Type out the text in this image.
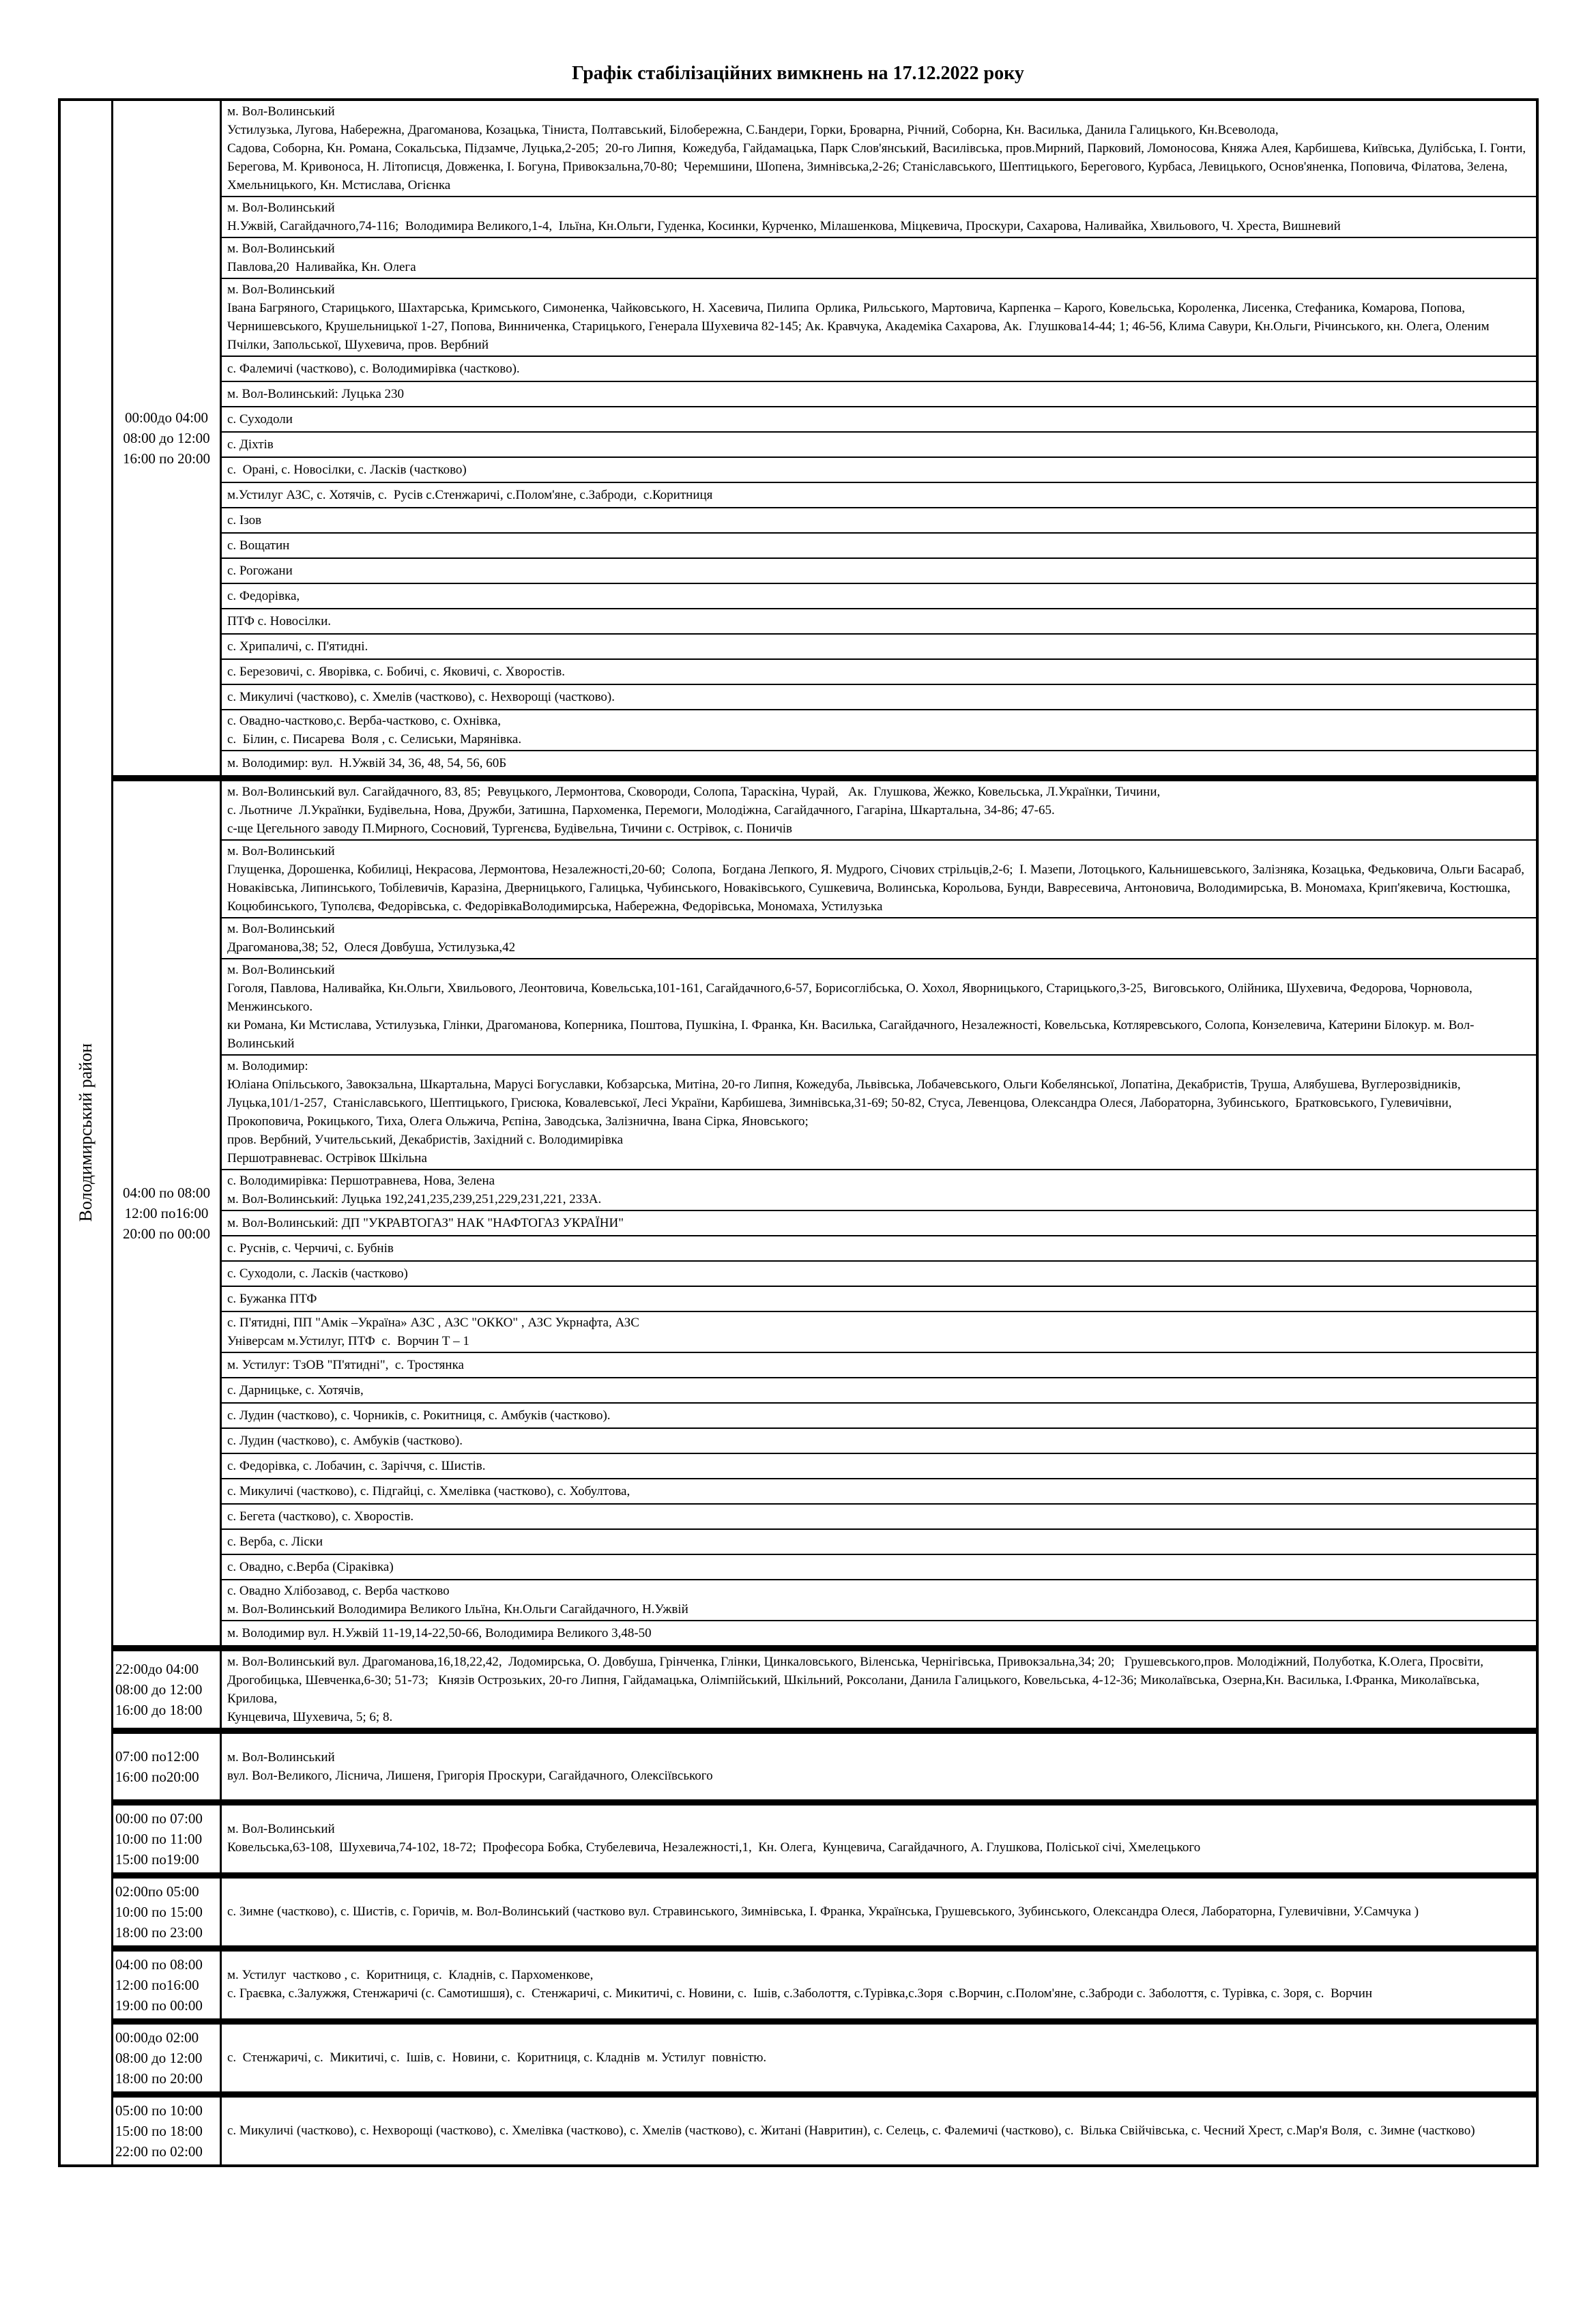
Графік стабілізаційних вимкнень на 17.12.2022 року
Володимирський район
00:00до 04:00
08:00 до 12:00
16:00 по 20:00
м. Вол-Волинський
Устилузька, Лугова, Набережна, Драгоманова, Козацька, Тіниста, Полтавський, Білобережна, С.Бандери, Горки, Броварна, Річний, Соборна, Кн. Василька, Данила Галицького, Кн.Всеволода,
Садова, Соборна, Кн. Романа, Сокальська, Підзамче, Луцька,2-205;  20-го Липня,  Кожедуба, Гайдамацька, Парк Слов'янський, Василівська, пров.Мирний, Парковий, Ломоносова, Княжа Алея, Карбишева, Київська, Дулібська, І. Гонти,
Берегова, М. Кривоноса, Н. Літописця, Довженка, І. Богуна, Привокзальна,70-80;  Черемшини, Шопена, Зимнівська,2-26; Станіславського, Шептицького, Берегового, Курбаса, Левицького, Основ'яненка, Поповича, Філатова, Зелена,
Хмельницького, Кн. Мстислава, Огієнка
м. Вол-Волинський
Н.Ужвій, Сагайдачного,74-116;  Володимира Великого,1-4,  Ільїна, Кн.Ольги, Гуденка, Косинки, Курченко, Мілашенкова, Міцкевича, Проскури, Сахарова, Наливайка, Хвильового, Ч. Хреста, Вишневий
м. Вол-Волинський
Павлова,20  Наливайка, Кн. Олега
м. Вол-Волинський
Івана Багряного, Старицького, Шахтарська, Кримського, Симоненка, Чайковського, Н. Хасевича, Пилипа  Орлика, Рильського, Мартовича, Карпенка – Карого, Ковельська, Короленка, Лисенка, Стефаника, Комарова, Попова,
Чернишевського, Крушельницької 1-27, Попова, Винниченка, Старицького, Генерала Шухевича 82-145; Ак. Кравчука, Академіка Сахарова, Ак.  Глушкова14-44; 1; 46-56, Клима Савури, Кн.Ольги, Річинського, кн. Олега, Оленим
Пчілки, Запольської, Шухевича, пров. Вербний
с. Фалемичі (частково), с. Володимирівка (частково).
м. Вол-Волинський: Луцька 230
с. Суходоли
с. Діхтів
с.  Орані, с. Новосілки, с. Ласків (частково)
м.Устилуг АЗС, с. Хотячів, с.  Русів с.Стенжаричі, с.Полом'яне, с.Заброди,  с.Коритниця
с. Ізов
с. Вощатин
с. Рогожани
с. Федорівка,
ПТФ с. Новосілки.
с. Хрипаличі, с. П'ятидні.
с. Березовичі, с. Яворівка, с. Бобичі, с. Яковичі, с. Хворостів.
с. Микуличі (частково), с. Хмелів (частково), с. Нехворощі (частково).
с. Овадно-частково,с. Верба-частково, с. Охнівка,
с.  Білин, с. Писарева  Воля , с. Селиськи, Марянівка.
м. Володимир: вул.  Н.Ужвій 34, 36, 48, 54, 56, 60Б
04:00 по 08:00
12:00 по16:00
20:00 по 00:00
м. Вол-Волинський вул. Сагайдачного, 83, 85;  Ревуцького, Лермонтова, Сковороди, Солопа, Тараскіна, Чурай,   Ак.  Глушкова, Жежко, Ковельська, Л.Українки, Тичини,
с. Льотниче  Л.Українки, Будівельна, Нова, Дружби, Затишна, Пархоменка, Перемоги, Молодіжна, Сагайдачного, Гагаріна, Шкартальна, 34-86; 47-65.
с-ще Цегельного заводу П.Мирного, Сосновий, Тургенєва, Будівельна, Тичини с. Острівок, с. Поничів
м. Вол-Волинський
Глущенка, Дорошенка, Кобилиці, Некрасова, Лермонтова, Незалежності,20-60;  Солопа,  Богдана Лепкого, Я. Мудрого, Січових стрільців,2-6;  І. Мазепи, Лотоцького, Кальнишевського, Залізняка, Козацька, Федьковича, Ольги Басараб,
Новаківська, Липинського, Тобілевичів, Каразіна, Дверницького, Галицька, Чубинського, Новаківського, Сушкевича, Волинська, Корольова, Бунди, Вавресевича, Антоновича, Володимирська, В. Мономаха, Крип'якевича, Костюшка,
Коцюбинського, Туполєва, Федорівська, с. ФедорівкаВолодимирська, Набережна, Федорівська, Мономаха, Устилузька
м. Вол-Волинський
Драгоманова,38; 52,  Олеся Довбуша, Устилузька,42
м. Вол-Волинський
Гоголя, Павлова, Наливайка, Кн.Ольги, Хвильового, Леонтовича, Ковельська,101-161, Сагайдачного,6-57, Борисоглібська, О. Хохол, Яворницького, Старицького,3-25,  Виговського, Олійника, Шухевича, Федорова, Чорновола,
Менжинського.
ки Романа, Ки Мстислава, Устилузька, Глінки, Драгоманова, Коперника, Поштова, Пушкіна, І. Франка, Кн. Василька, Сагайдачного, Незалежності, Ковельська, Котляревського, Солопа, Конзелевича, Катерини Білокур. м. Вол-
Волинський
м. Володимир:
Юліана Опільського, Завокзальна, Шкартальна, Марусі Богуславки, Кобзарська, Митіна, 20-го Липня, Кожедуба, Львівська, Лобачевського, Ольги Кобелянської, Лопатіна, Декабристів, Труша, Алябушева, Вуглерозвідників,
Луцька,101/1-257,  Станіславського, Шептицького, Грисюка, Ковалевської, Лесі України, Карбишева, Зимнівська,31-69; 50-82, Стуса, Левенцова, Олександра Олеся, Лабораторна, Зубинського,  Братковського, Гулевичівни,
Прокоповича, Рокицького, Тиха, Олега Ольжича, Рєпіна, Заводська, Залізнична, Івана Сірка, Яновського;
пров. Вербний, Учительський, Декабристів, Західний с. Володимирівка
Першотравневас. Острівок Шкільна
с. Володимирівка: Першотравнева, Нова, Зелена
м. Вол-Волинський: Луцька 192,241,235,239,251,229,231,221, 233А.
м. Вол-Волинський: ДП "УКРАВТОГАЗ" НАК "НАФТОГАЗ УКРАЇНИ"
с. Руснів, с. Черчичі, с. Бубнів
с. Суходоли, с. Ласків (частково)
с. Бужанка ПТФ
с. П'ятидні, ПП "Амік –Україна» АЗС , АЗС "ОККО" , АЗС Укрнафта, АЗС
Універсам м.Устилуг, ПТФ  с.  Ворчин Т – 1
м. Устилуг: ТзОВ "П'ятидні",  с. Тростянка
с. Дарницьке, с. Хотячів,
с. Лудин (частково), с. Чорників, с. Рокитниця, с. Амбуків (частково).
с. Лудин (частково), с. Амбуків (частково).
с. Федорівка, с. Лобачин, с. Заріччя, с. Шистів.
с. Микуличі (частково), с. Підгайці, с. Хмелівка (частково), с. Хобултова,
с. Бегета (частково), с. Хворостів.
с. Верба, с. Ліски
с. Овадно, с.Верба (Сіраківка)
с. Овадно Хлібозавод, с. Верба частково
м. Вол-Волинський Володимира Великого Ільїна, Кн.Ольги Сагайдачного, Н.Ужвій
м. Володимир вул. Н.Ужвій 11-19,14-22,50-66, Володимира Великого 3,48-50
22:00до 04:00
08:00 до 12:00
16:00 до 18:00
м. Вол-Волинський вул. Драгоманова,16,18,22,42,  Лодомирська, О. Довбуша, Грінченка, Глінки, Цинкаловського, Віленська, Чернігівська, Привокзальна,34; 20;   Грушевського,пров. Молодіжний, Полуботка, К.Олега, Просвіти,
Дрогобицька, Шевченка,6-30; 51-73;   Князів Острозьких, 20-го Липня, Гайдамацька, Олімпійський, Шкільний, Роксолани, Данила Галицького, Ковельська, 4-12-36; Миколаївська, Озерна,Кн. Василька, І.Франка, Миколаївська, Крилова,
Кунцевича, Шухевича, 5; 6; 8.
07:00 по12:00
16:00 по20:00
м. Вол-Волинський
вул. Вол-Великого, Ліснича, Лишеня, Григорія Проскури, Сагайдачного, Олексіївського
00:00 по 07:00
10:00 по 11:00
15:00 по19:00
м. Вол-Волинський
Ковельська,63-108,  Шухевича,74-102, 18-72;  Професора Бобка, Стубелевича, Незалежності,1,  Кн. Олега,  Кунцевича, Сагайдачного, А. Глушкова, Поліської січі, Хмелецького
02:00по 05:00
10:00 по 15:00
18:00 по 23:00
с. Зимне (частково), с. Шистів, с. Горичів, м. Вол-Волинський (частково вул. Стравинського, Зимнівська, І. Франка, Українська, Грушевського, Зубинського, Олександра Олеся, Лабораторна, Гулевичівни, У.Самчука )
04:00 по 08:00
12:00 по16:00
19:00 по 00:00
м. Устилуг  частково , с.  Коритниця, с.  Кладнів, с. Пархоменкове,
с. Граєвка, с.Залужжя, Стенжаричі (с. Самотишшя), с.  Стенжаричі, с. Микитичі, с. Новини, с.  Ішів, с.Заболоття, с.Турівка,с.Зоря  с.Ворчин, с.Полом'яне, с.Заброди с. Заболоття, с. Турівка, с. Зоря, с.  Ворчин
00:00до 02:00
08:00 до 12:00
18:00 по 20:00
с.  Стенжаричі, с.  Микитичі, с.  Ішів, с.  Новини, с.  Коритниця, с. Кладнів  м. Устилуг  повністю.
05:00 по 10:00
15:00 по 18:00
22:00 по 02:00
с. Микуличі (частково), с. Нехворощі (частково), с. Хмелівка (частково), с. Хмелів (частково), с. Житані (Навритин), с. Селець, с. Фалемичі (частково), с.  Вілька Свійчівська, с. Чесний Хрест, с.Мар'я Воля,  с. Зимне (частково)
